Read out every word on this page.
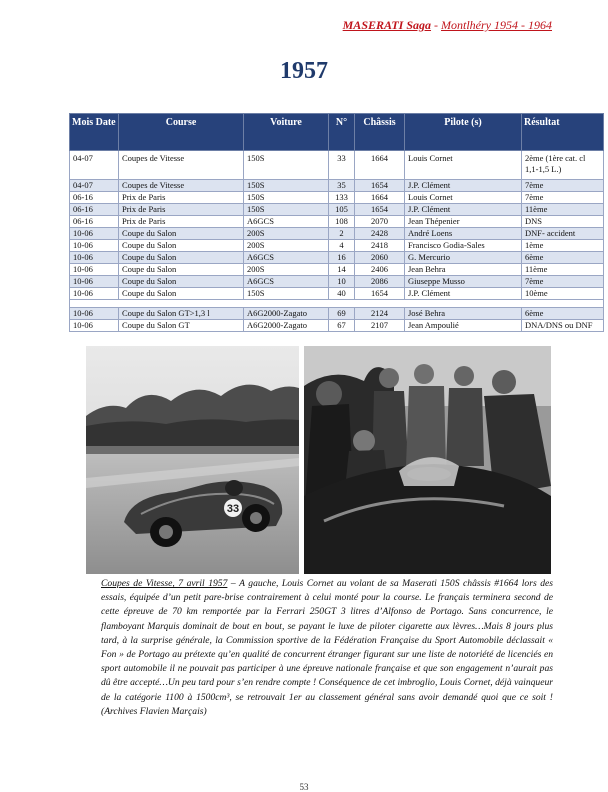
MASERATI Saga - Montlhéry 1954 - 1964
1957
Mois Date	Course	Voiture	N°	Châssis	Pilote (s)	Résultat
04-07	Coupes de Vitesse	150S	33	1664	Louis Cornet	2ème (1ère cat. cl 1,1-1,5 L.)
04-07	Coupes de Vitesse	150S	35	1654	J.P. Clément	7ème
06-16	Prix de Paris	150S	133	1664	Louis Cornet	7ème
06-16	Prix de Paris	150S	105	1654	J.P. Clément	11ème
06-16	Prix de Paris	A6GCS	108	2070	Jean Thépenier	DNS
10-06	Coupe du Salon	200S	2	2428	André Loens	DNF- accident
10-06	Coupe du Salon	200S	4	2418	Francisco Godia-Sales	1ème
10-06	Coupe du Salon	A6GCS	16	2060	G. Mercurio	6ème
10-06	Coupe du Salon	200S	14	2406	Jean Behra	11ème
10-06	Coupe du Salon	A6GCS	10	2086	Giuseppe Musso	7ème
10-06	Coupe du Salon	150S	40	1654	J.P. Clément	10ème

10-06	Coupe du Salon GT>1,3 l	A6G2000-Zagato	69	2124	José Behra	6ème
10-06	Coupe du Salon GT	A6G2000-Zagato	67	2107	Jean Ampoulié	DNA/DNS ou DNF
33
Coupes de Vitesse, 7 avril 1957 – A gauche, Louis Cornet au volant de sa Maserati 150S châssis #1664 lors des essais, équipée d’un petit pare-brise contrairement à celui monté pour la course. Le français terminera second de cette épreuve de 70 km remportée par la Ferrari 250GT 3 litres d’Alfonso de Portago. Sans concurrence, le flamboyant Marquis dominait de bout en bout, se payant le luxe de piloter cigarette aux lèvres…Mais 8 jours plus tard, à la surprise générale, la Commission sportive de la Fédération Française du Sport Automobile déclassait « Fon » de Portago au prétexte qu’en qualité de concurrent étranger figurant sur une liste de notoriété de licenciés en sport automobile il ne pouvait pas participer à une épreuve nationale française et que son engagement n’aurait pas dû être accepté…Un peu tard pour s’en rendre compte ! Conséquence de cet imbroglio, Louis Cornet, déjà vainqueur de la catégorie 1100 à 1500cm³, se retrouvait 1er au classement général sans avoir demandé quoi que ce soit ! (Archives Flavien Marçais)
53
